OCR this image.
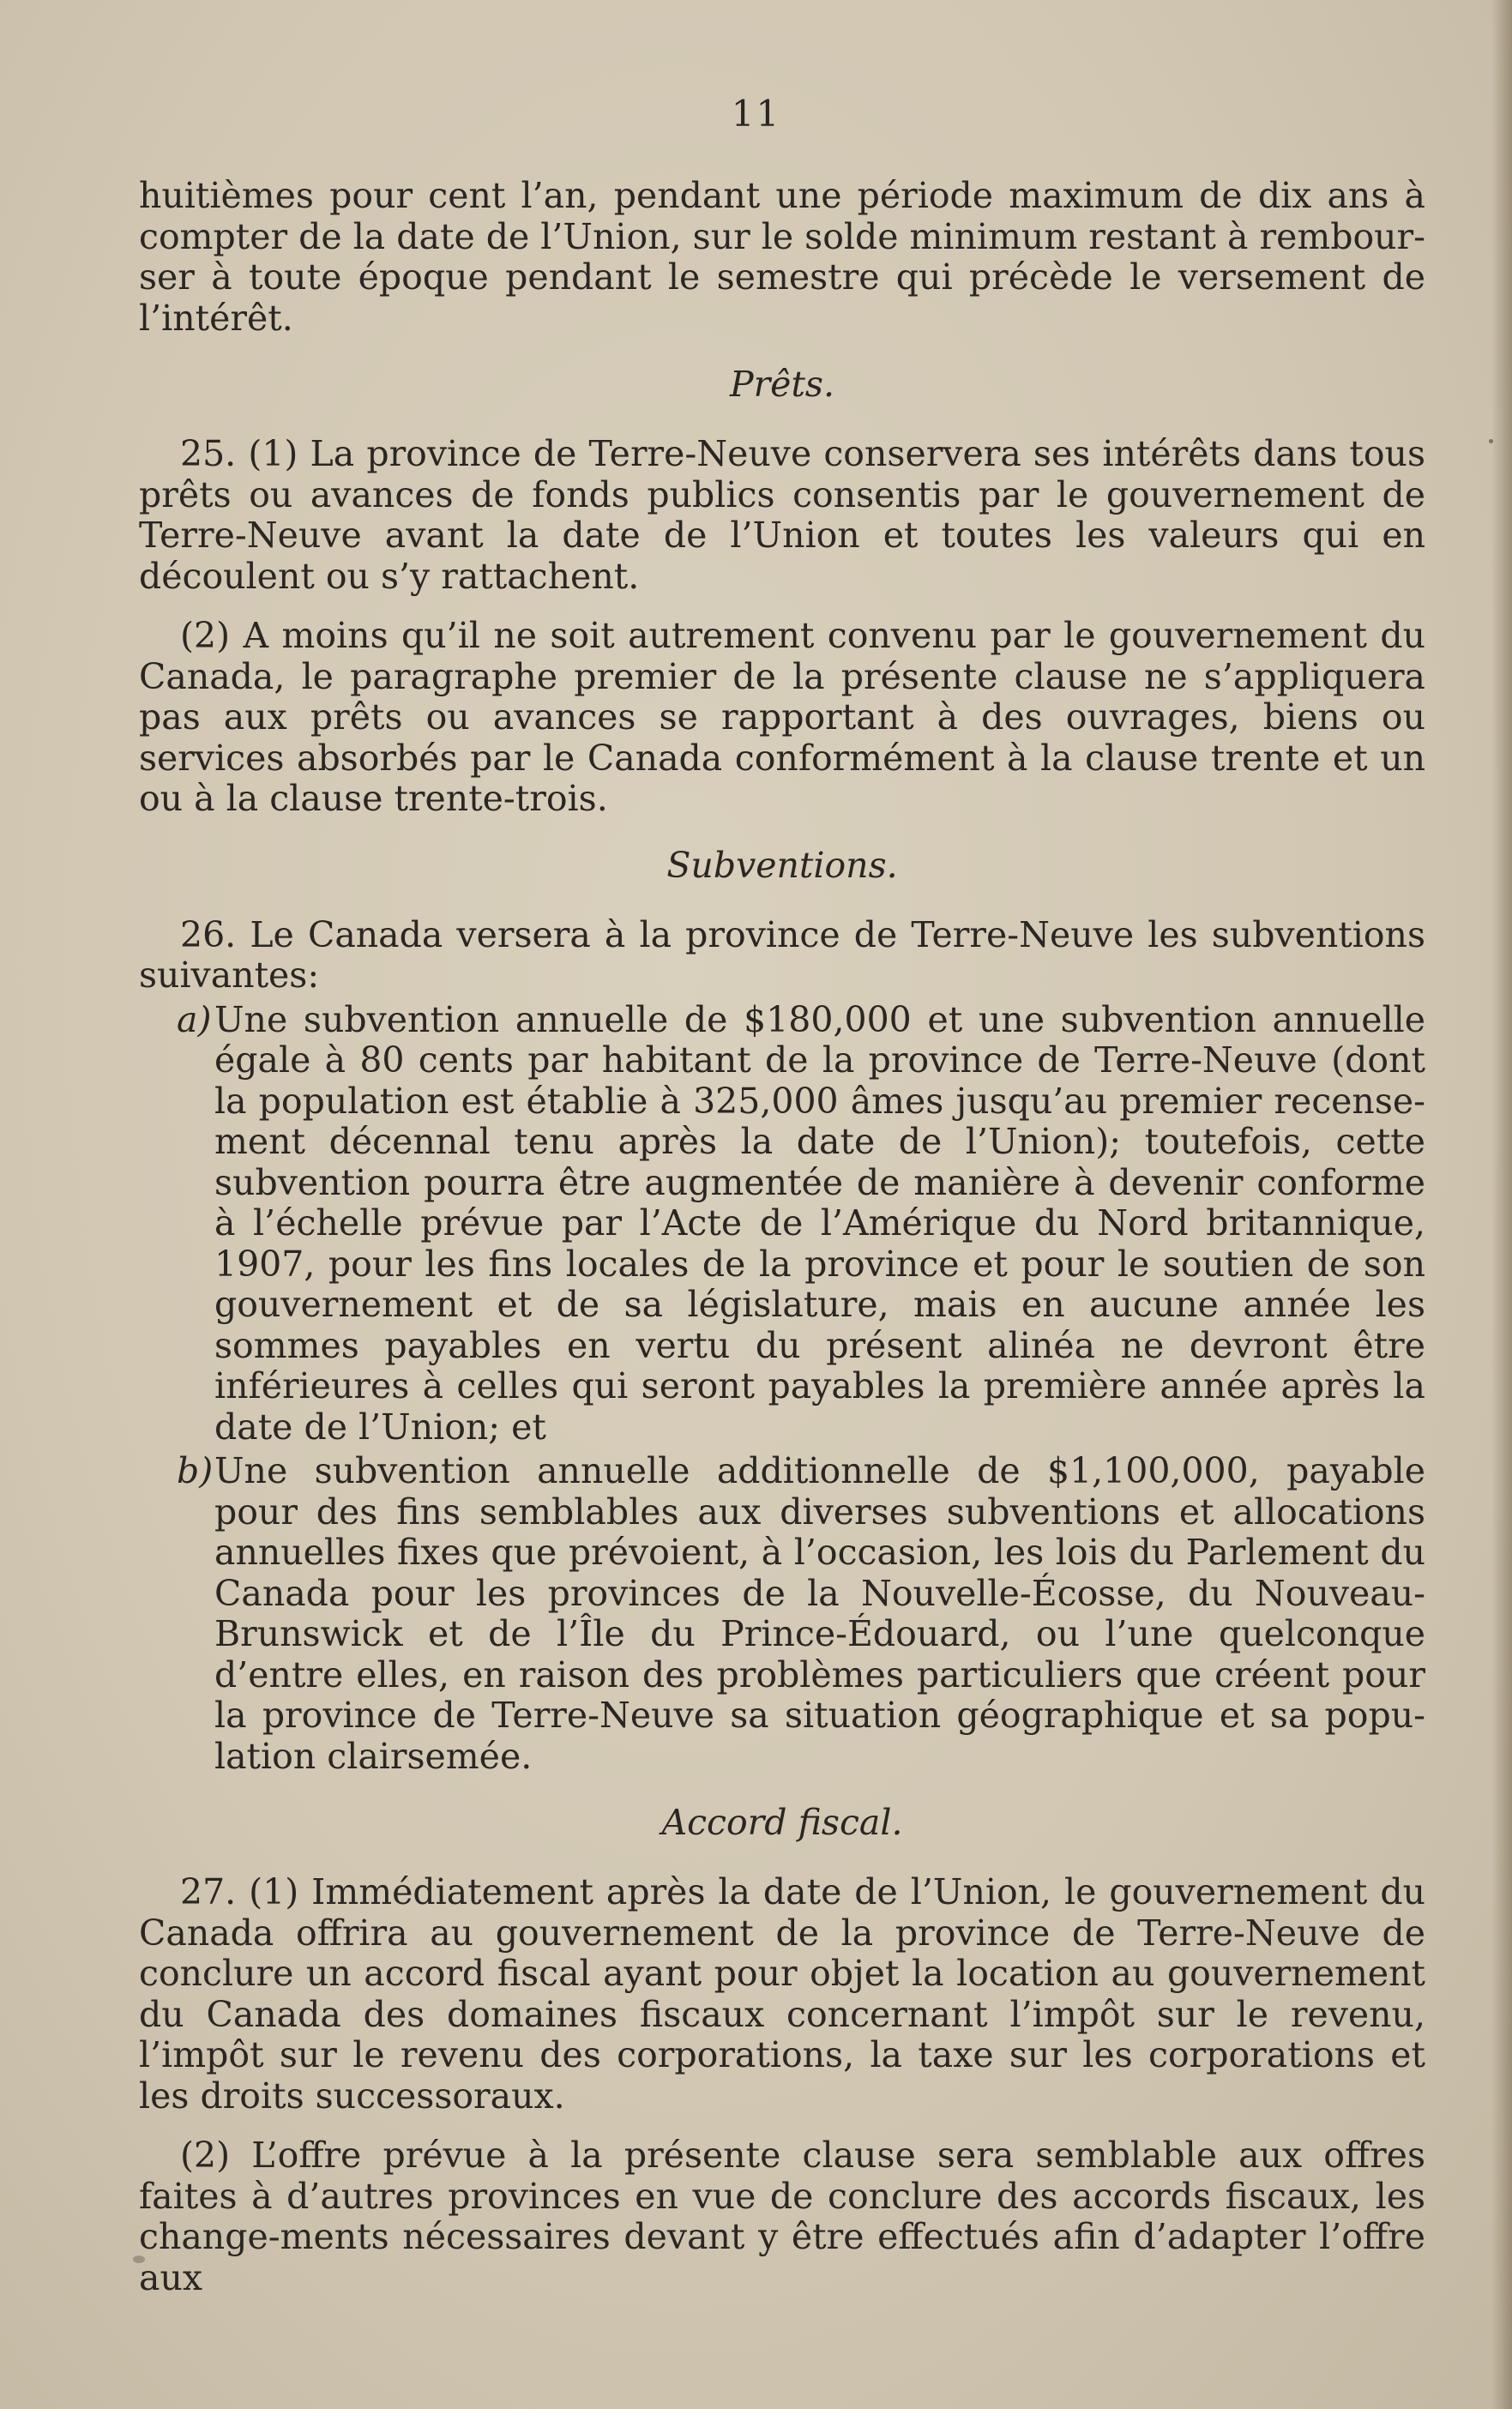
11

huitièmes pour cent l’an, pendant une période maximum de dix ans à compter de la date de l’Union, sur le solde minimum restant à rembour-ser à toute époque pendant le semestre qui précède le versement de l’intérêt.

Prêts.

25. (1) La province de Terre-Neuve conservera ses intérêts dans tous prêts ou avances de fonds publics consentis par le gouvernement de Terre-Neuve avant la date de l’Union et toutes les valeurs qui en découlent ou s’y rattachent.

(2) A moins qu’il ne soit autrement convenu par le gouvernement du Canada, le paragraphe premier de la présente clause ne s’appliquera pas aux prêts ou avances se rapportant à des ouvrages, biens ou services absorbés par le Canada conformément à la clause trente et un ou à la clause trente-trois.

Subventions.

26. Le Canada versera à la province de Terre-Neuve les subventions suivantes:

a) Une subvention annuelle de $180,000 et une subvention annuelle égale à 80 cents par habitant de la province de Terre-Neuve (dont la population est établie à 325,000 âmes jusqu’au premier recense-ment décennal tenu après la date de l’Union); toutefois, cette subvention pourra être augmentée de manière à devenir conforme à l’échelle prévue par l’Acte de l’Amérique du Nord britannique, 1907, pour les fins locales de la province et pour le soutien de son gouvernement et de sa législature, mais en aucune année les sommes payables en vertu du présent alinéa ne devront être inférieures à celles qui seront payables la première année après la date de l’Union; et

b) Une subvention annuelle additionnelle de $1,100,000, payable pour des fins semblables aux diverses subventions et allocations annuelles fixes que prévoient, à l’occasion, les lois du Parlement du Canada pour les provinces de la Nouvelle-Écosse, du Nouveau-Brunswick et de l’Île du Prince-Édouard, ou l’une quelconque d’entre elles, en raison des problèmes particuliers que créent pour la province de Terre-Neuve sa situation géographique et sa popu-lation clairsemée.

Accord fiscal.

27. (1) Immédiatement après la date de l’Union, le gouvernement du Canada offrira au gouvernement de la province de Terre-Neuve de conclure un accord fiscal ayant pour objet la location au gouvernement du Canada des domaines fiscaux concernant l’impôt sur le revenu, l’impôt sur le revenu des corporations, la taxe sur les corporations et les droits successoraux.

(2) L’offre prévue à la présente clause sera semblable aux offres faites à d’autres provinces en vue de conclure des accords fiscaux, les change-ments nécessaires devant y être effectués afin d’adapter l’offre aux
